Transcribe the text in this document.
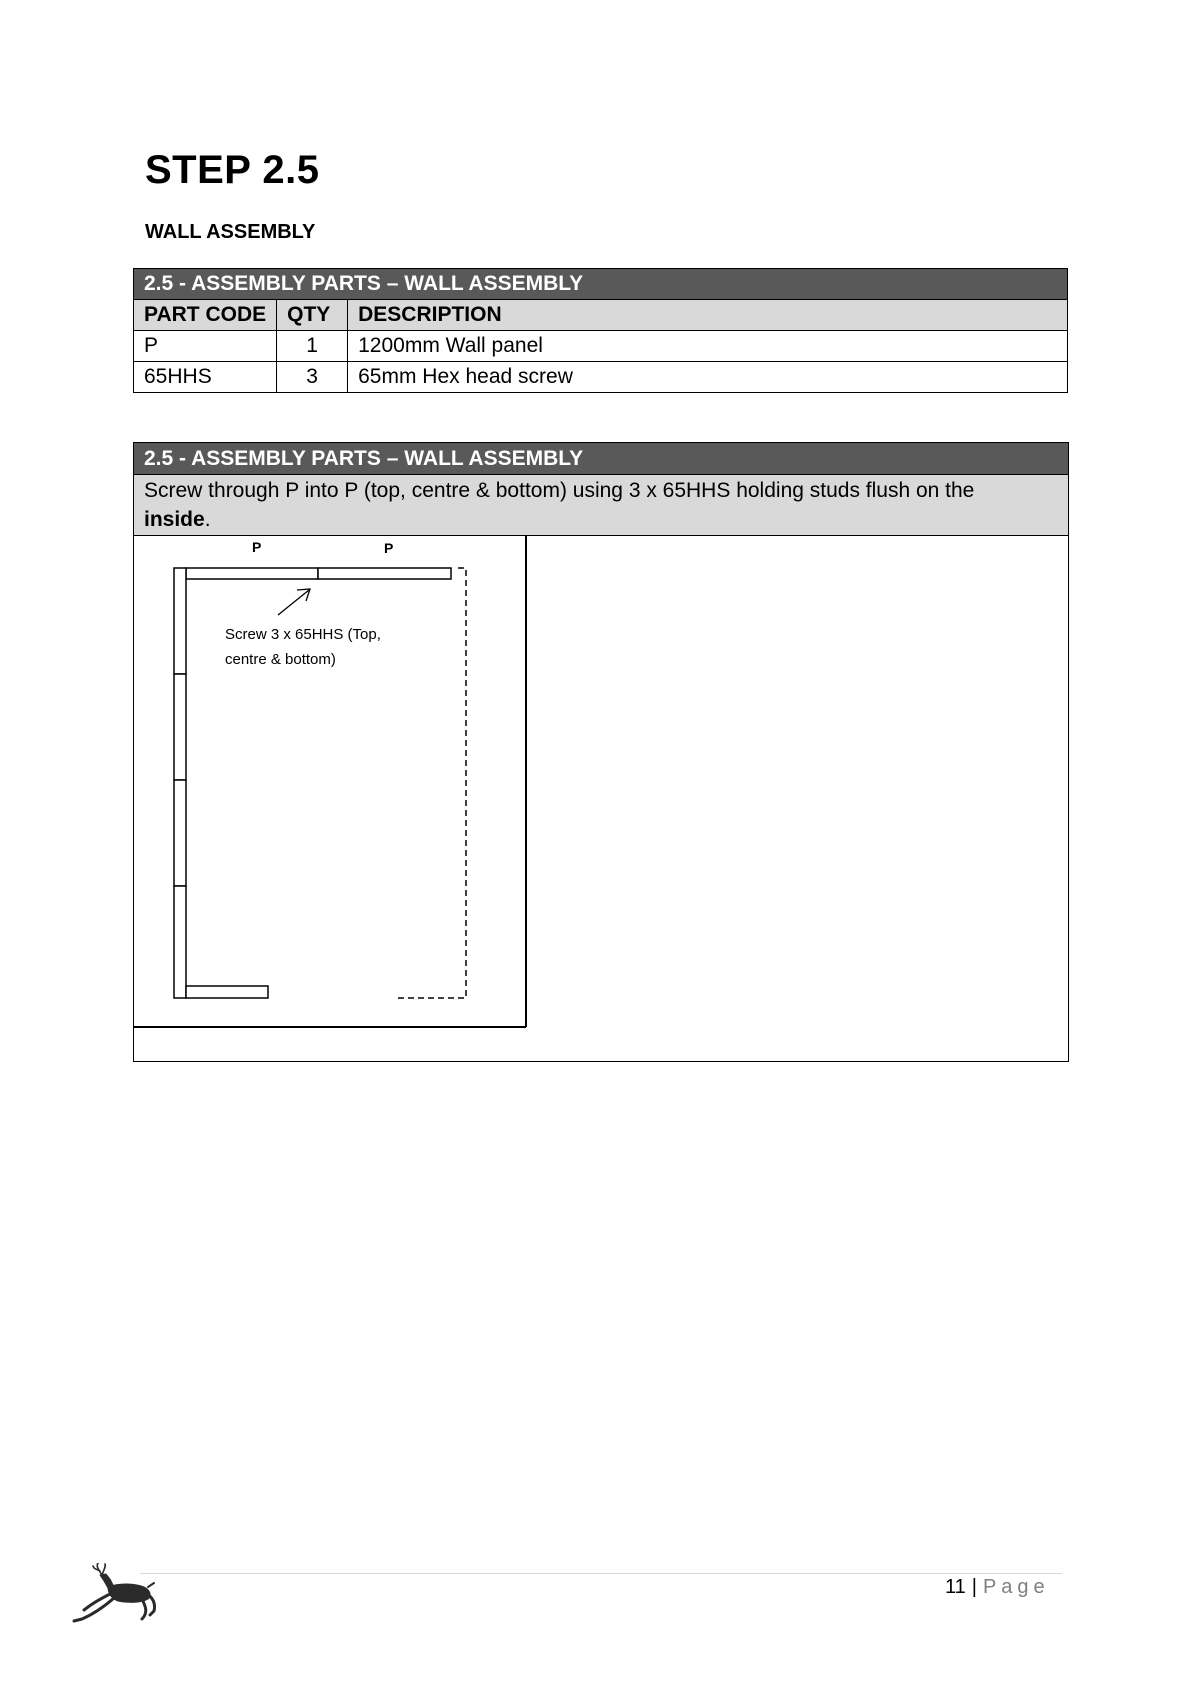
STEP 2.5
WALL ASSEMBLY
2.5 - ASSEMBLY PARTS – WALL ASSEMBLY		
PART CODE	QTY	DESCRIPTION
P	1	1200mm Wall panel
65HHS	3	65mm Hex head screw
2.5 - ASSEMBLY PARTS – WALL ASSEMBLY
Screw through P into P (top, centre & bottom) using 3 x 65HHS holding studs flush on the
inside.
P	P
Screw 3 x 65HHS (Top,
centre & bottom)
11 | Page
